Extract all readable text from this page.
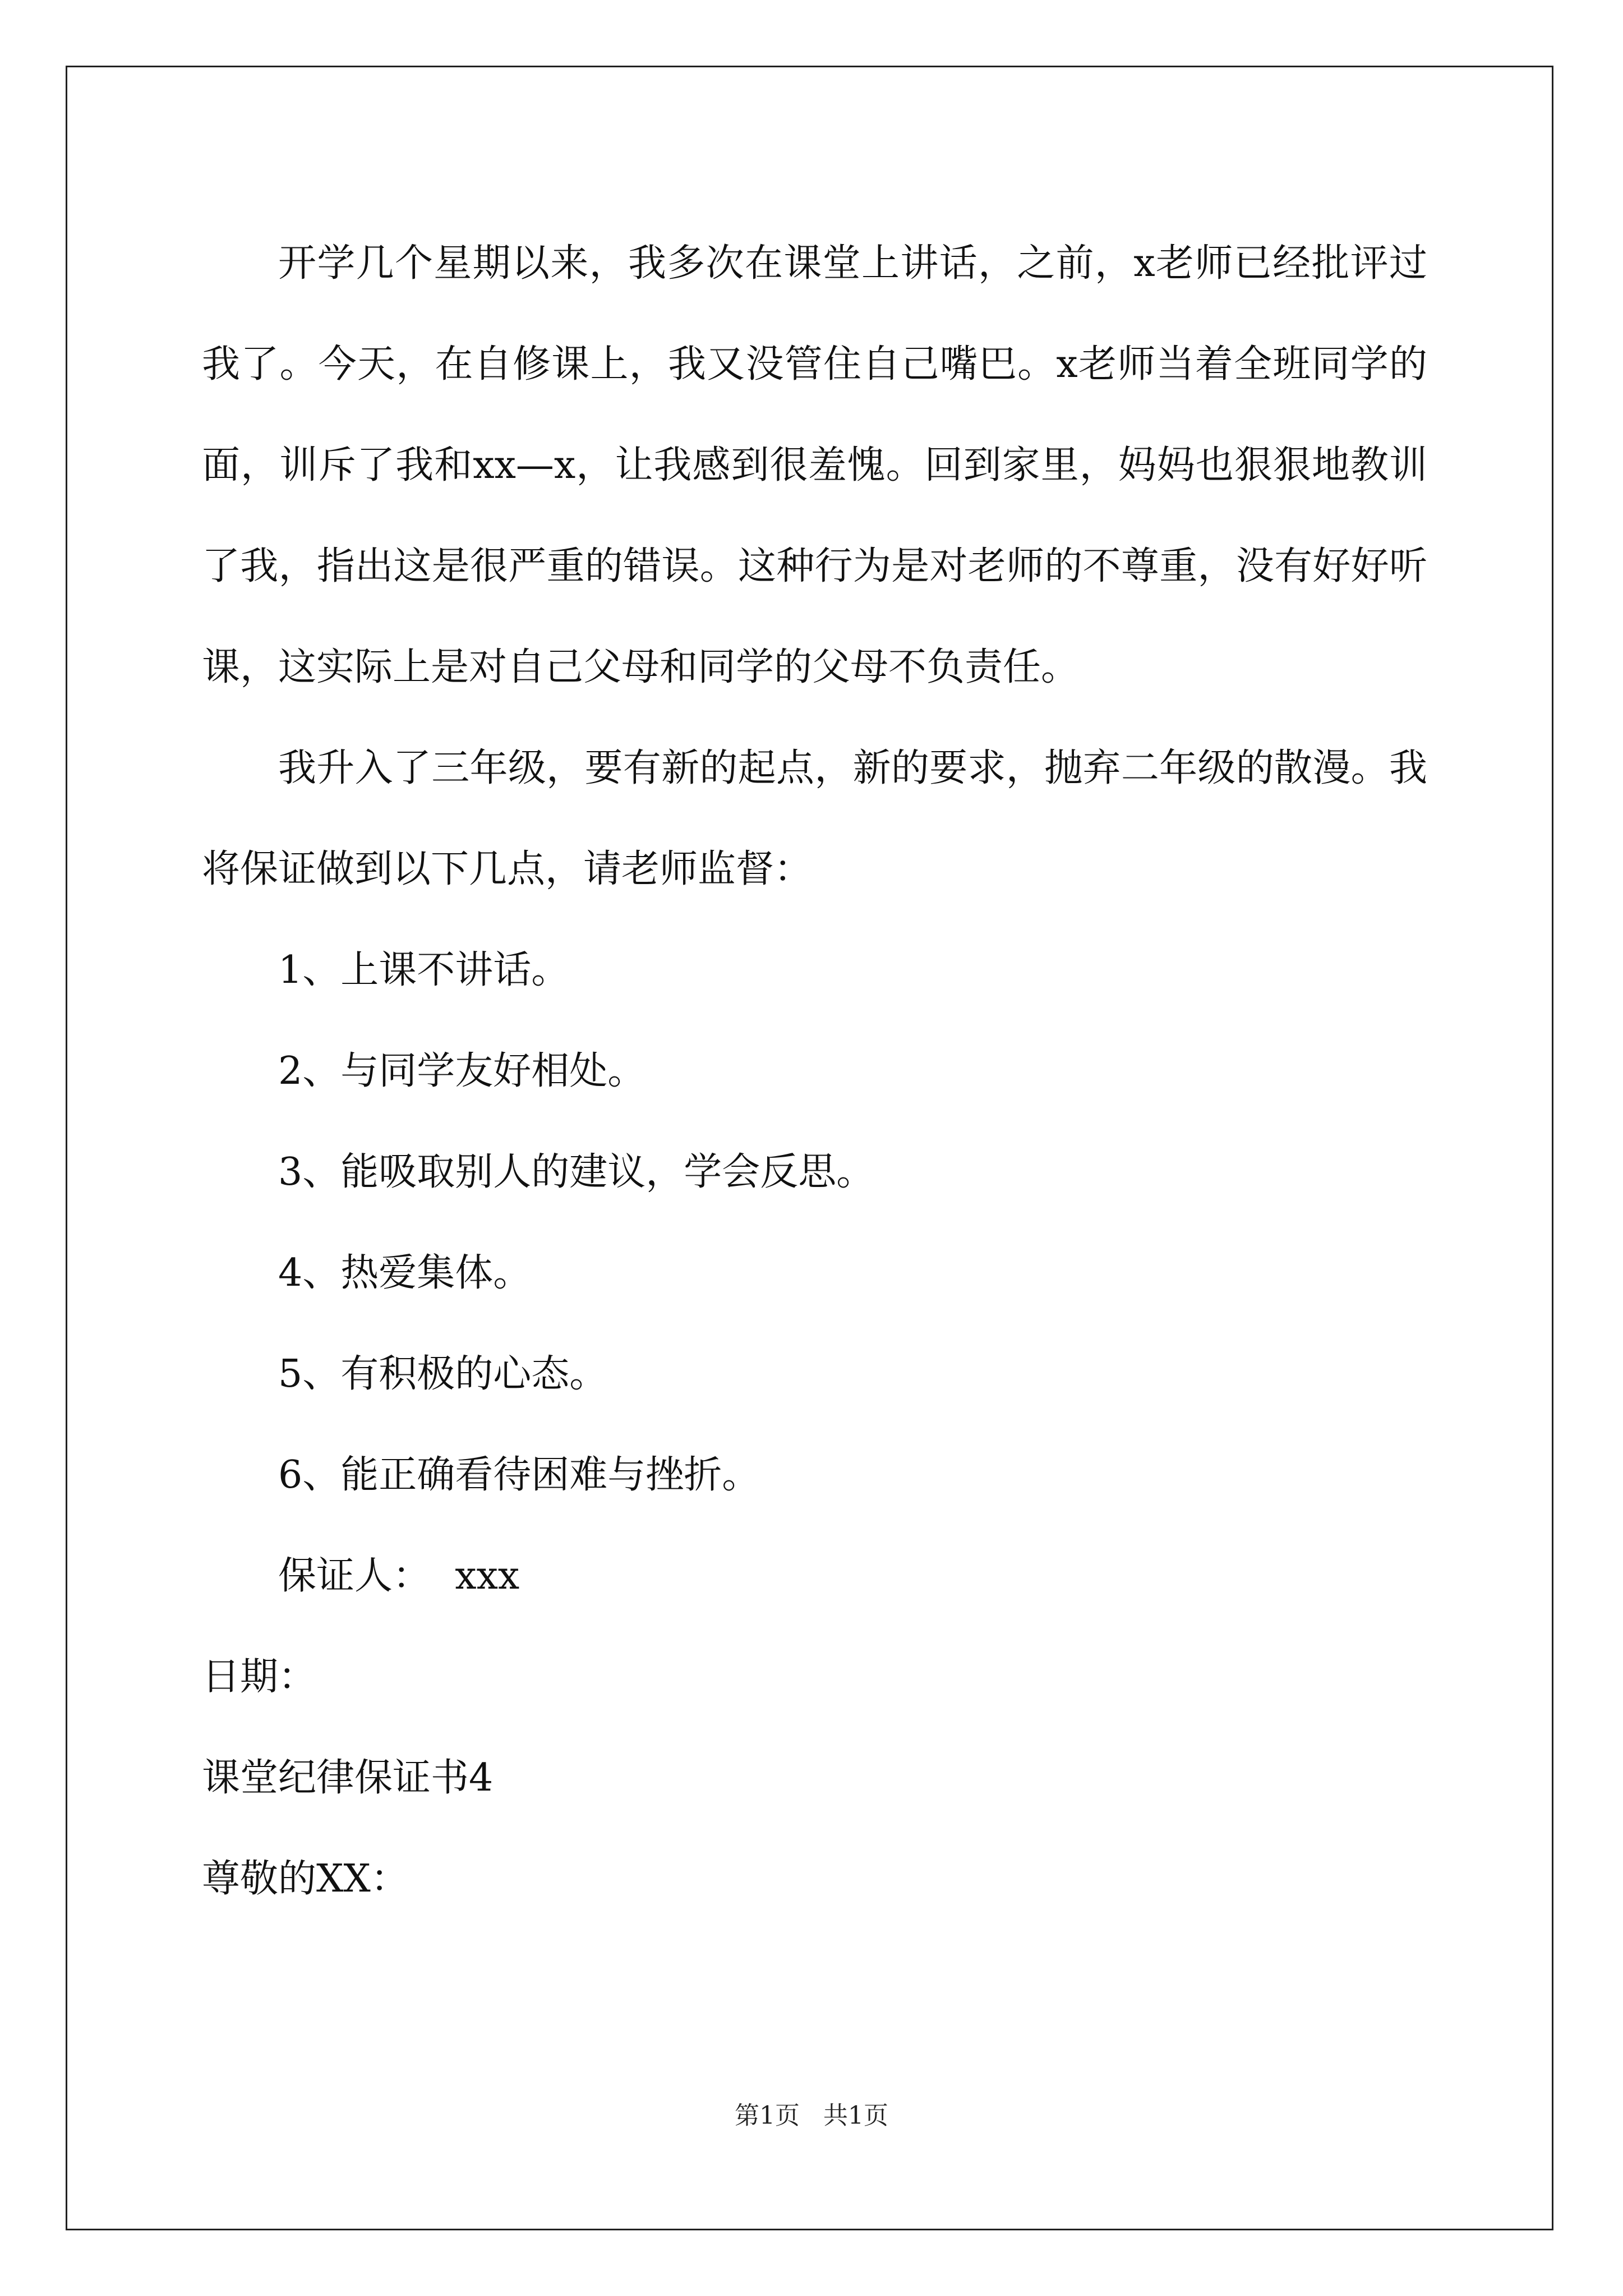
开学几个星期以来，我多次在课堂上讲话，之前，x老师已经批评过我了。今天，在自修课上，我又没管住自己嘴巴。x老师当着全班同学的面，训斥了我和xx—x，让我感到很羞愧。回到家里，妈妈也狠狠地教训了我，指出这是很严重的错误。这种行为是对老师的不尊重，没有好好听课，这实际上是对自己父母和同学的父母不负责任。

我升入了三年级，要有新的起点，新的要求，抛弃二年级的散漫。我将保证做到以下几点，请老师监督：

1、上课不讲话。

2、与同学友好相处。

3、能吸取别人的建议，学会反思。

4、热爱集体。

5、有积极的心态。

6、能正确看待困难与挫折。

保证人：  xxx

日期：

课堂纪律保证书4

尊敬的XX：

第1页   共1页
